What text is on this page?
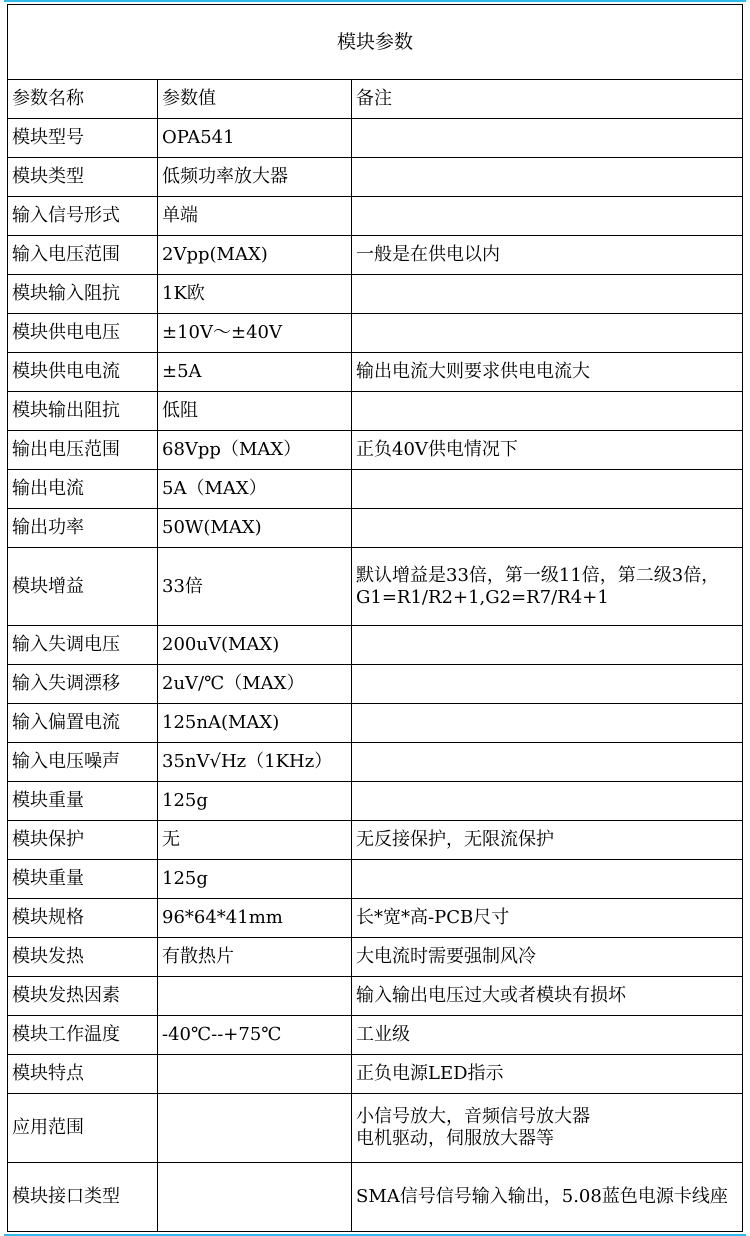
模块参数		
参数名称	参数值	备注
模块型号	OPA541	
模块类型	低频功率放大器	
输入信号形式	单端	
输入电压范围	2Vpp(MAX)	一般是在供电以内
模块输入阻抗	1K欧	
模块供电电压	±10V～±40V	
模块供电电流	±5A	输出电流大则要求供电电流大
模块输出阻抗	低阻	
输出电压范围	68Vpp（MAX）	正负40V供电情况下
输出电流	5A（MAX）	
输出功率	50W(MAX)	
模块增益	33倍	默认增益是33倍，第一级11倍，第二级3倍，G1=R1/R2+1,G2=R7/R4+1
输入失调电压	200uV(MAX)	
输入失调漂移	2uV/℃（MAX）	
输入偏置电流	125nA(MAX)	
输入电压噪声	35nV√Hz（1KHz）	
模块重量	125g	
模块保护	无	无反接保护，无限流保护
模块重量	125g	
模块规格	96*64*41mm	长*宽*高-PCB尺寸
模块发热	有散热片	大电流时需要强制风冷
模块发热因素		输入输出电压过大或者模块有损坏
模块工作温度	-40℃--+75℃	工业级
模块特点		正负电源LED指示
应用范围		小信号放大，音频信号放大器
电机驱动，伺服放大器等
模块接口类型		SMA信号信号输入输出，5.08蓝色电源卡线座
